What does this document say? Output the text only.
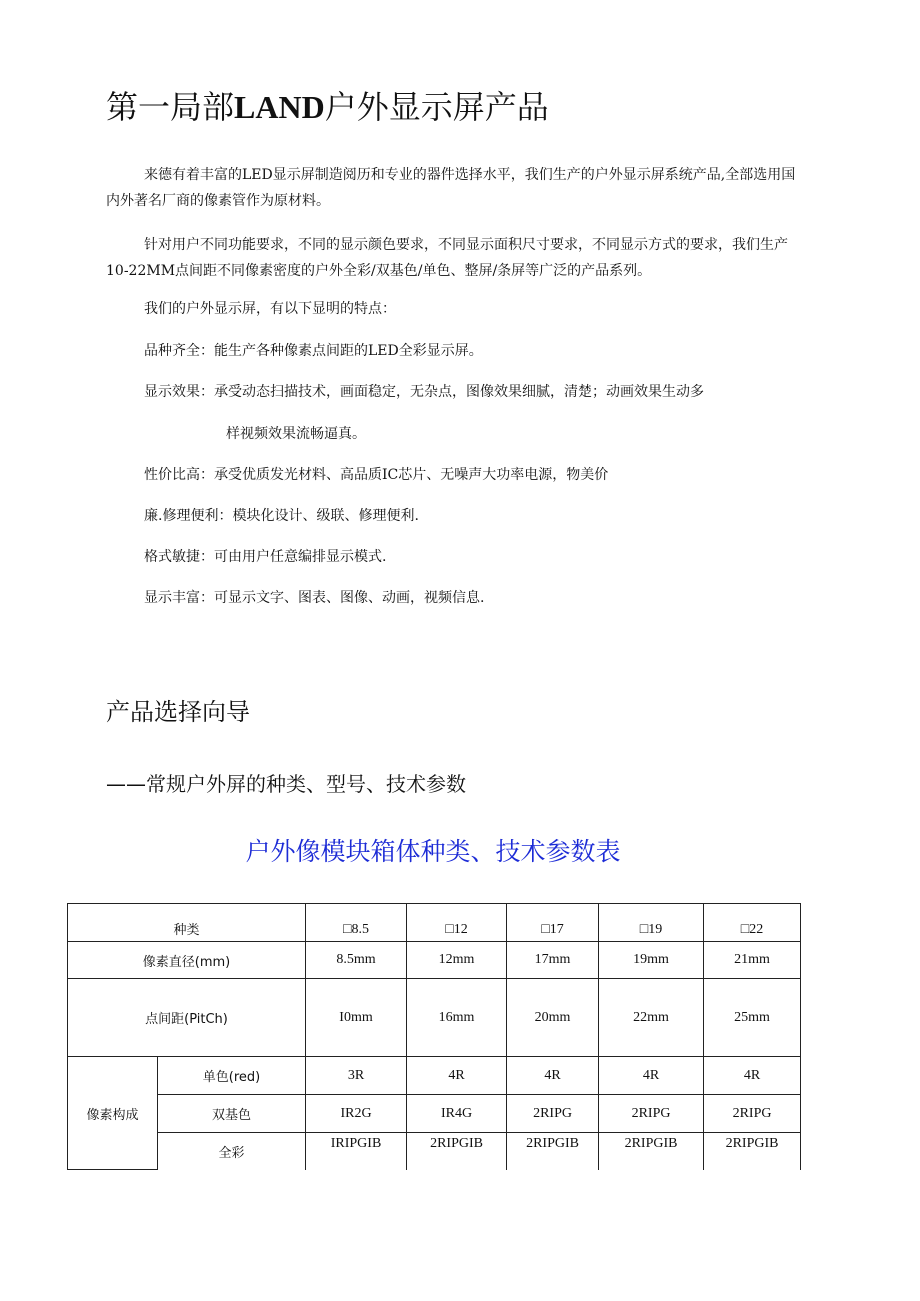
第一局部LAND户外显示屏产品
来德有着丰富的LED显示屏制造阅历和专业的器件选择水平，我们生产的户外显示屏系统产品,全部选用国内外著名厂商的像素管作为原材料。
针对用户不同功能要求，不同的显示颜色要求，不同显示面积尺寸要求，不同显示方式的要求，我们生产10-22MM点间距不同像素密度的户外全彩/双基色/单色、整屏/条屏等广泛的产品系列。
我们的户外显示屏，有以下显明的特点：
品种齐全：能生产各种像素点间距的LED全彩显示屏。
显示效果：承受动态扫描技术，画面稳定，无杂点，图像效果细腻，清楚；动画效果生动多
样视频效果流畅逼真。
性价比高：承受优质发光材料、高品质IC芯片、无噪声大功率电源，物美价
廉.修理便利：模块化设计、级联、修理便利.
格式敏捷：可由用户任意编排显示模式.
显示丰富：可显示文字、图表、图像、动画，视频信息.
产品选择向导
——常规户外屏的种类、型号、技术参数
户外像模块箱体种类、技术参数表
种类		□8.5	□12	□17	□19	□22
像素直径(mm)		8.5mm	12mm	17mm	19mm	21mm
点间距(PitCh)		I0mm	16mm	20mm	22mm	25mm
像素构成	单色(red)	3R	4R	4R	4R	4R
	双基色	IR2G	IR4G	2RIPG	2RIPG	2RIPG
	全彩	IRIPGIB	2RIPGIB	2RIPGIB	2RIPGIB	2RIPGIB
